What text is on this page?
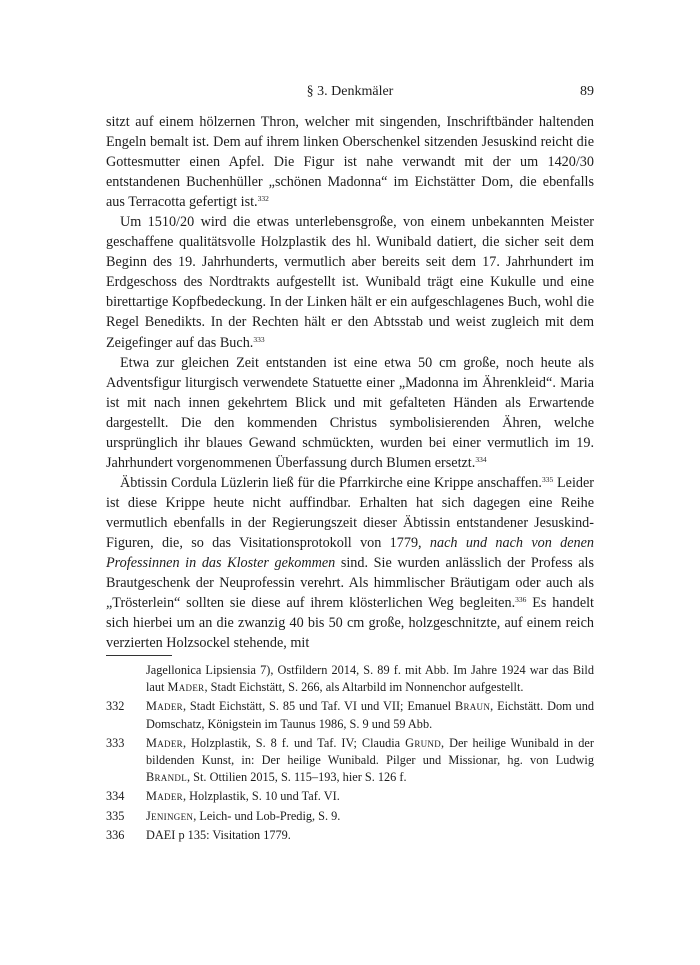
§ 3. Denkmäler	89

sitzt auf einem hölzernen Thron, welcher mit singenden, Inschriftbänder haltenden Engeln bemalt ist. Dem auf ihrem linken Oberschenkel sitzenden Jesuskind reicht die Gottesmutter einen Apfel. Die Figur ist nahe verwandt mit der um 1420/30 entstandenen Buchenhüller „schönen Madonna“ im Eichstätter Dom, die ebenfalls aus Terracotta gefertigt ist.$^{332}$

Um 1510/20 wird die etwas unterlebensgroße, von einem unbekannten Meister geschaffene qualitätsvolle Holzplastik des hl. Wunibald datiert, die sicher seit dem Beginn des 19. Jahrhunderts, vermutlich aber bereits seit dem 17. Jahrhundert im Erdgeschoss des Nordtrakts aufgestellt ist. Wunibald trägt eine Kukulle und eine birettartige Kopfbedeckung. In der Linken hält er ein aufgeschlagenes Buch, wohl die Regel Benedikts. In der Rechten hält er den Abtsstab und weist zugleich mit dem Zeigefinger auf das Buch.$^{333}$

Etwa zur gleichen Zeit entstanden ist eine etwa 50 cm große, noch heute als Adventsfigur liturgisch verwendete Statuette einer „Madonna im Ährenkleid“. Maria ist mit nach innen gekehrtem Blick und mit gefalteten Händen als Erwartende dargestellt. Die den kommenden Christus symbolisierenden Ähren, welche ursprünglich ihr blaues Gewand schmückten, wurden bei einer vermutlich im 19. Jahrhundert vorgenommenen Überfassung durch Blumen ersetzt.$^{334}$

Äbtissin Cordula Lüzlerin ließ für die Pfarrkirche eine Krippe anschaffen.$^{335}$ Leider ist diese Krippe heute nicht auffindbar. Erhalten hat sich dagegen eine Reihe vermutlich ebenfalls in der Regierungszeit dieser Äbtissin entstandener Jesuskind-Figuren, die, so das Visitationsprotokoll von 1779, nach und nach von denen Professinnen in das Kloster gekommen sind. Sie wurden anlässlich der Profess als Brautgeschenk der Neuprofessin verehrt. Als himmlischer Bräutigam oder auch als „Trösterlein“ sollten sie diese auf ihrem klösterlichen Weg begleiten.$^{336}$ Es handelt sich hierbei um an die zwanzig 40 bis 50 cm große, holzgeschnitzte, auf einem reich verzierten Holzsockel stehende, mit

Jagellonica Lipsiensia 7), Ostfildern 2014, S. 89 f. mit Abb. Im Jahre 1924 war das Bild laut Mader, Stadt Eichstätt, S. 266, als Altarbild im Nonnenchor aufgestellt.
332	Mader, Stadt Eichstätt, S. 85 und Taf. VI und VII; Emanuel Braun, Eichstätt. Dom und Domschatz, Königstein im Taunus 1986, S. 9 und 59 Abb.
333	Mader, Holzplastik, S. 8 f. und Taf. IV; Claudia Grund, Der heilige Wunibald in der bildenden Kunst, in: Der heilige Wunibald. Pilger und Missionar, hg. von Ludwig Brandl, St. Ottilien 2015, S. 115–193, hier S. 126 f.
334	Mader, Holzplastik, S. 10 und Taf. VI.
335	Jeningen, Leich- und Lob-Predig, S. 9.
336	DAEI p 135: Visitation 1779.
